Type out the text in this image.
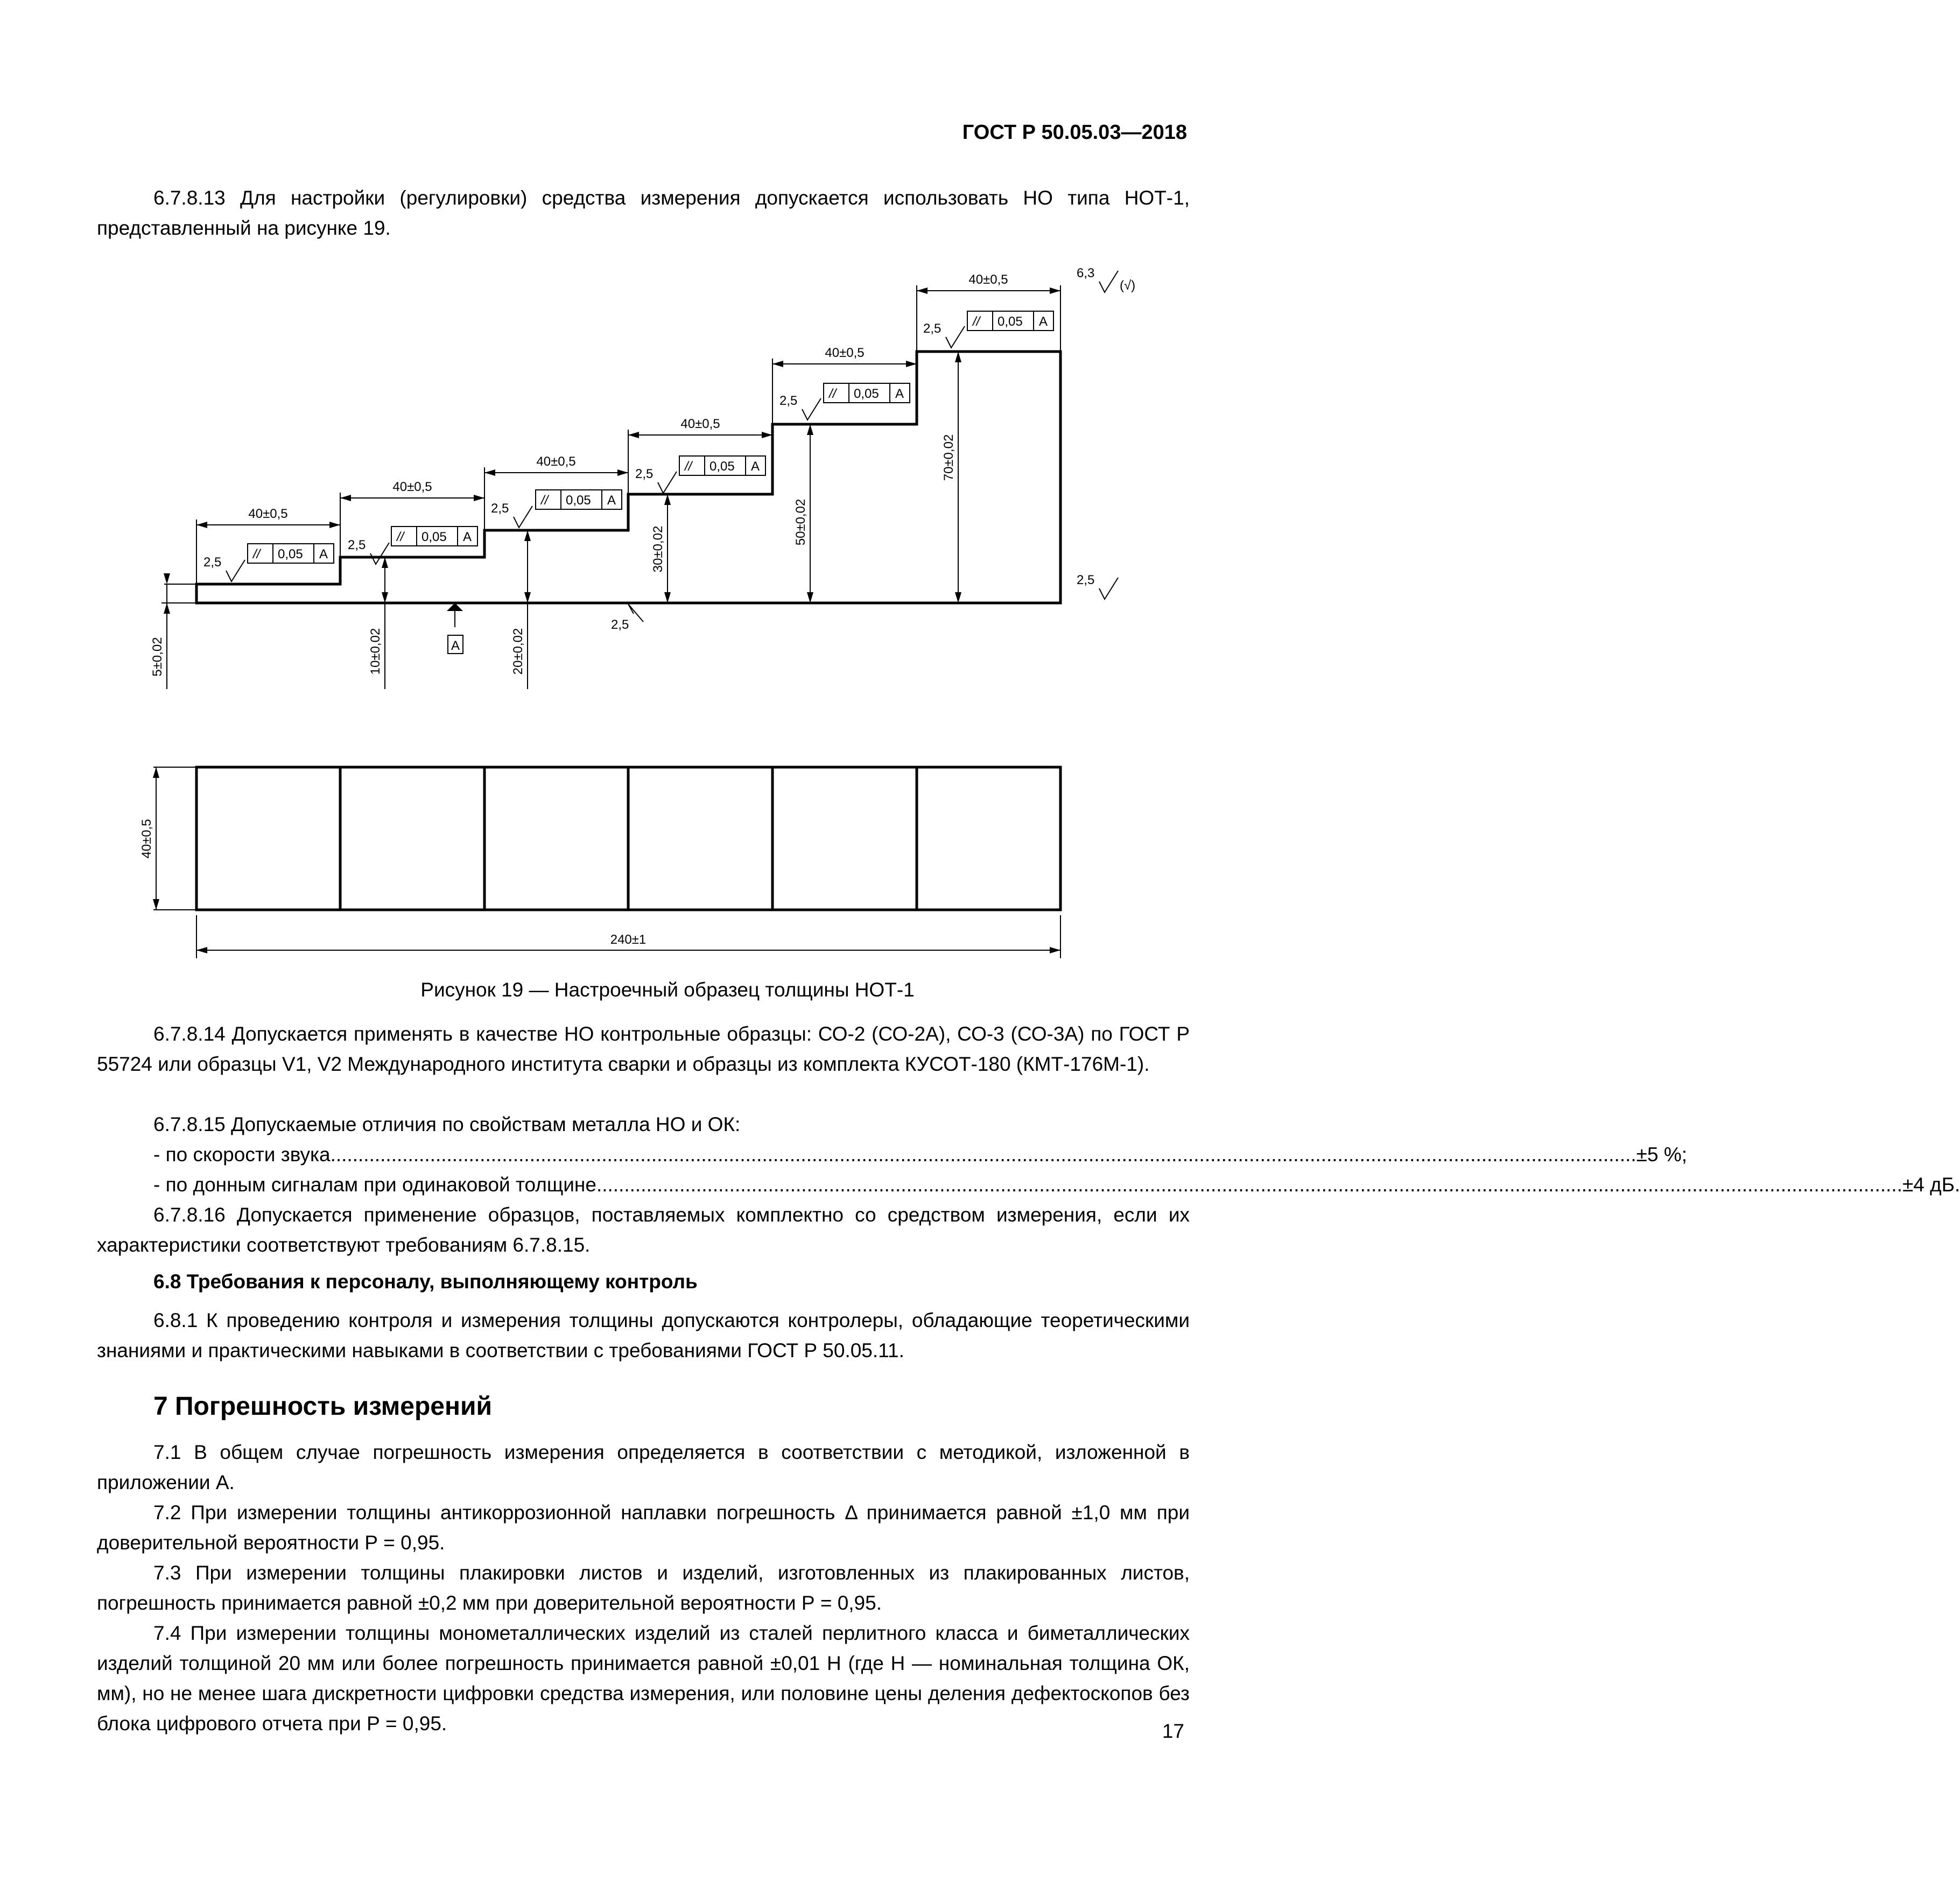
ГОСТ Р 50.05.03—2018
6.7.8.13 Для настройки (регулировки) средства измерения допускается использовать НО типа НОТ-1, представленный на рисунке 19.
A
40±0,5
40±0,5
40±0,5
40±0,5
40±0,5
40±0,5
5±0,02	10±0,02	20±0,02
30±0,02
50±0,02
70±0,02
40±0,5
240±1
// 0,05 A
// 0,05 A
// 0,05 A
// 0,05 A
// 0,05 A
// 0,05 A
2,5
2,5
2,5
2,5
2,5
2,5
2,5
2,5
6,3
(√)
Рисунок 19 — Настроечный образец толщины НОТ-1
6.7.8.14 Допускается применять в качестве НО контрольные образцы: СО-2 (СО-2А), СО-3 (СО-3А) по ГОСТ Р 55724 или образцы V1, V2 Международного института сварки и образцы из комплекта КУСОТ-180 (КМТ-176М-1).
6.7.8.15 Допускаемые отличия по свойствам металла НО и ОК:
- по скорости звука ............................................................................................................................................................................................................................................ ±5 %;
- по донным сигналам при одинаковой толщине ............................................................................................................................................................................................................................................ ±4 дБ.
6.7.8.16 Допускается применение образцов, поставляемых комплектно со средством измерения, если их характеристики соответствуют требованиям 6.7.8.15.
6.8 Требования к персоналу, выполняющему контроль
6.8.1 К проведению контроля и измерения толщины допускаются контролеры, обладающие теоретическими знаниями и практическими навыками в соответствии с требованиями ГОСТ Р 50.05.11.
7 Погрешность измерений
7.1 В общем случае погрешность измерения определяется в соответствии с методикой, изложенной в приложении А.
7.2 При измерении толщины антикоррозионной наплавки погрешность Δ принимается равной ±1,0 мм при доверительной вероятности Р = 0,95.
7.3 При измерении толщины плакировки листов и изделий, изготовленных из плакированных листов, погрешность принимается равной ±0,2 мм при доверительной вероятности Р = 0,95.
7.4 При измерении толщины монометаллических изделий из сталей перлитного класса и биметаллических изделий толщиной 20 мм или более погрешность принимается равной ±0,01 Н (где Н — номинальная толщина ОК, мм), но не менее шага дискретности цифровки средства измерения, или половине цены деления дефектоскопов без блока цифрового отчета при Р = 0,95.	17
